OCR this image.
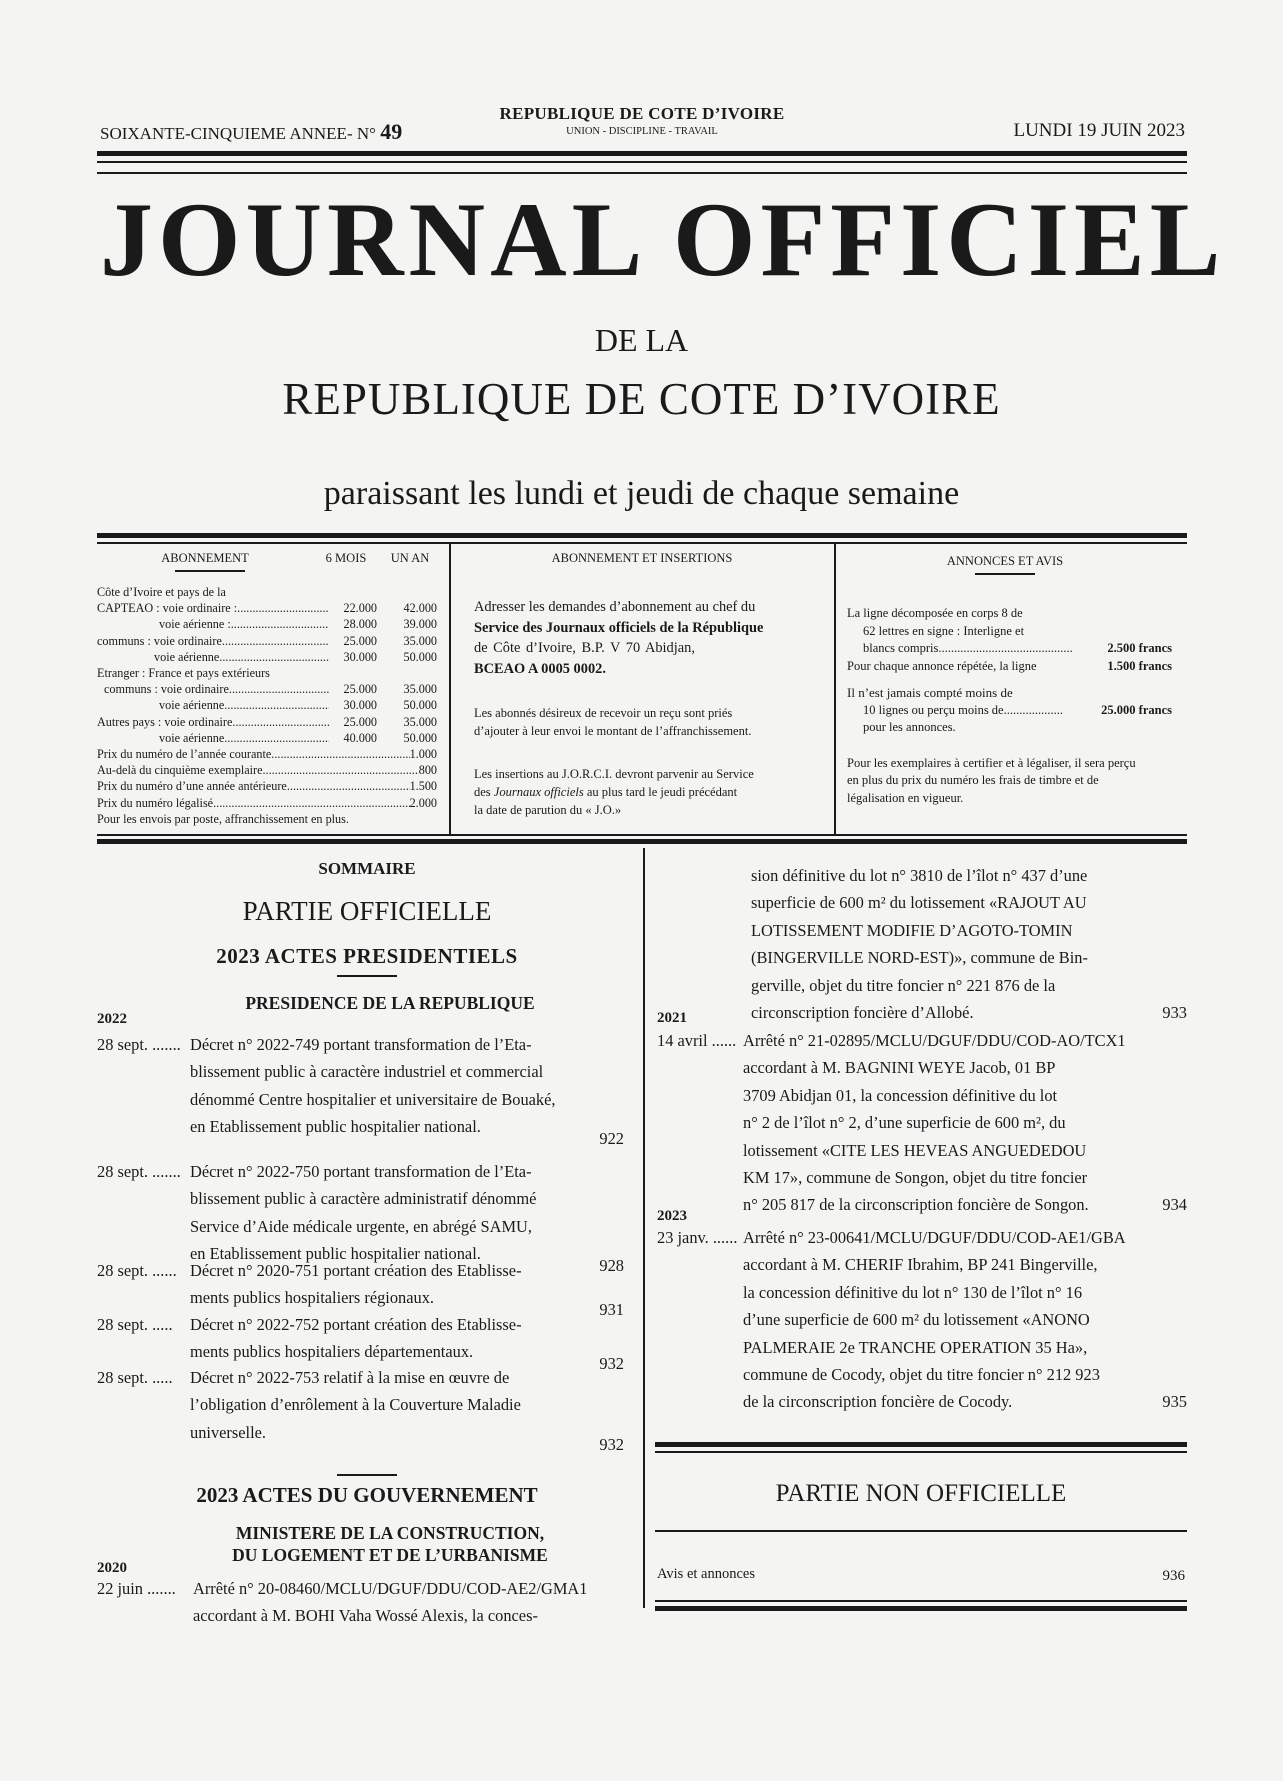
SOIXANTE-CINQUIEME ANNEE- N° 49
REPUBLIQUE DE COTE D’IVOIRE
UNION - DISCIPLINE - TRAVAIL	LUNDI 19 JUIN 2023
JOURNAL OFFICIEL
DE LA
REPUBLIQUE DE COTE D’IVOIRE
paraissant les lundi et jeudi de chaque semaine
ABONNEMENT	6 MOIS	UN AN
Côte d’Ivoire et pays de la
CAPTEAO : voie ordinaire : .....	22.000	42.000
voie aérienne : .....	28.000	39.000
communs : voie ordinaire .....	25.000	35.000
voie aérienne .....	30.000	50.000
Etranger : France et pays extérieurs
communs : voie ordinaire .....	25.000	35.000
voie aérienne .....	30.000	50.000
Autres pays : voie ordinaire .....	25.000	35.000
voie aérienne .....	40.000	50.000
Prix du numéro de l’année courante .....	1.000
Au-delà du cinquième exemplaire .....	800
Prix du numéro d’une année antérieure .....	1.500
Prix du numéro légalisé .....	2.000
Pour les envois par poste, affranchissement en plus.
ABONNEMENT ET INSERTIONS
Adresser les demandes d’abonnement au chef du
Service des Journaux officiels de la République
de Côte d’Ivoire, B.P. V 70 Abidjan,
BCEAO A 0005 0002.
Les abonnés désireux de recevoir un reçu sont priés
d’ajouter à leur envoi le montant de l’affranchissement.
Les insertions au J.O.R.C.I. devront parvenir au Service
des Journaux officiels au plus tard le jeudi précédant
la date de parution du « J.O.»
ANNONCES ET AVIS
La ligne décomposée en corps 8 de
62 lettres en signe : Interligne et
blancs compris .....	2.500 francs
Pour chaque annonce répétée, la ligne	1.500 francs
Il n’est jamais compté moins de
10 lignes ou perçu moins de .....	25.000 francs
pour les annonces.
Pour les exemplaires à certifier et à légaliser, il sera perçu
en plus du prix du numéro les frais de timbre et de
légalisation en vigueur.
SOMMAIRE
PARTIE OFFICIELLE
2023 ACTES PRESIDENTIELS
PRESIDENCE DE LA REPUBLIQUE
2022
28 sept. ....... Décret n° 2022-749 portant transformation de l’Eta-
blissement public à caractère industriel et commercial
dénommé Centre hospitalier et universitaire de Bouaké,
en Etablissement public hospitalier national.
922
28 sept. ....... Décret n° 2022-750 portant transformation de l’Eta-
blissement public à caractère administratif dénommé
Service d’Aide médicale urgente, en abrégé SAMU,
en Etablissement public hospitalier national.
928
28 sept. ...... Décret n° 2020-751 portant création des Etablisse-
ments publics hospitaliers régionaux.
931
28 sept. ..... Décret n° 2022-752 portant création des Etablisse-
ments publics hospitaliers départementaux.
932
28 sept. ..... Décret n° 2022-753 relatif à la mise en œuvre de
l’obligation d’enrôlement à la Couverture Maladie
universelle.
932
2023 ACTES DU GOUVERNEMENT
MINISTERE DE LA CONSTRUCTION,
DU LOGEMENT ET DE L’URBANISME
2020
22 juin ....... Arrêté n° 20-08460/MCLU/DGUF/DDU/COD-AE2/GMA1
accordant à M. BOHI Vaha Wossé Alexis, la conces-
sion définitive du lot n° 3810 de l’îlot n° 437 d’une
superficie de 600 m² du lotissement «RAJOUT AU
LOTISSEMENT MODIFIE D’AGOTO-TOMIN
(BINGERVILLE NORD-EST)», commune de Bin-
gerville, objet du titre foncier n° 221 876 de la
circonscription foncière d’Allobé.	933
2021
14 avril ...... Arrêté n° 21-02895/MCLU/DGUF/DDU/COD-AO/TCX1
accordant à M. BAGNINI WEYE Jacob, 01 BP
3709 Abidjan 01, la concession définitive du lot
n° 2 de l’îlot n° 2, d’une superficie de 600 m², du
lotissement «CITE LES HEVEAS ANGUEDEDOU
KM 17», commune de Songon, objet du titre foncier
n° 205 817 de la circonscription foncière de Songon.	934
2023
23 janv. ...... Arrêté n° 23-00641/MCLU/DGUF/DDU/COD-AE1/GBA
accordant à M. CHERIF Ibrahim, BP 241 Bingerville,
la concession définitive du lot n° 130 de l’îlot n° 16
d’une superficie de 600 m² du lotissement «ANONO
PALMERAIE 2e TRANCHE OPERATION 35 Ha»,
commune de Cocody, objet du titre foncier n° 212 923
de la circonscription foncière de Cocody.	935
PARTIE NON OFFICIELLE
Avis et annonces	936
